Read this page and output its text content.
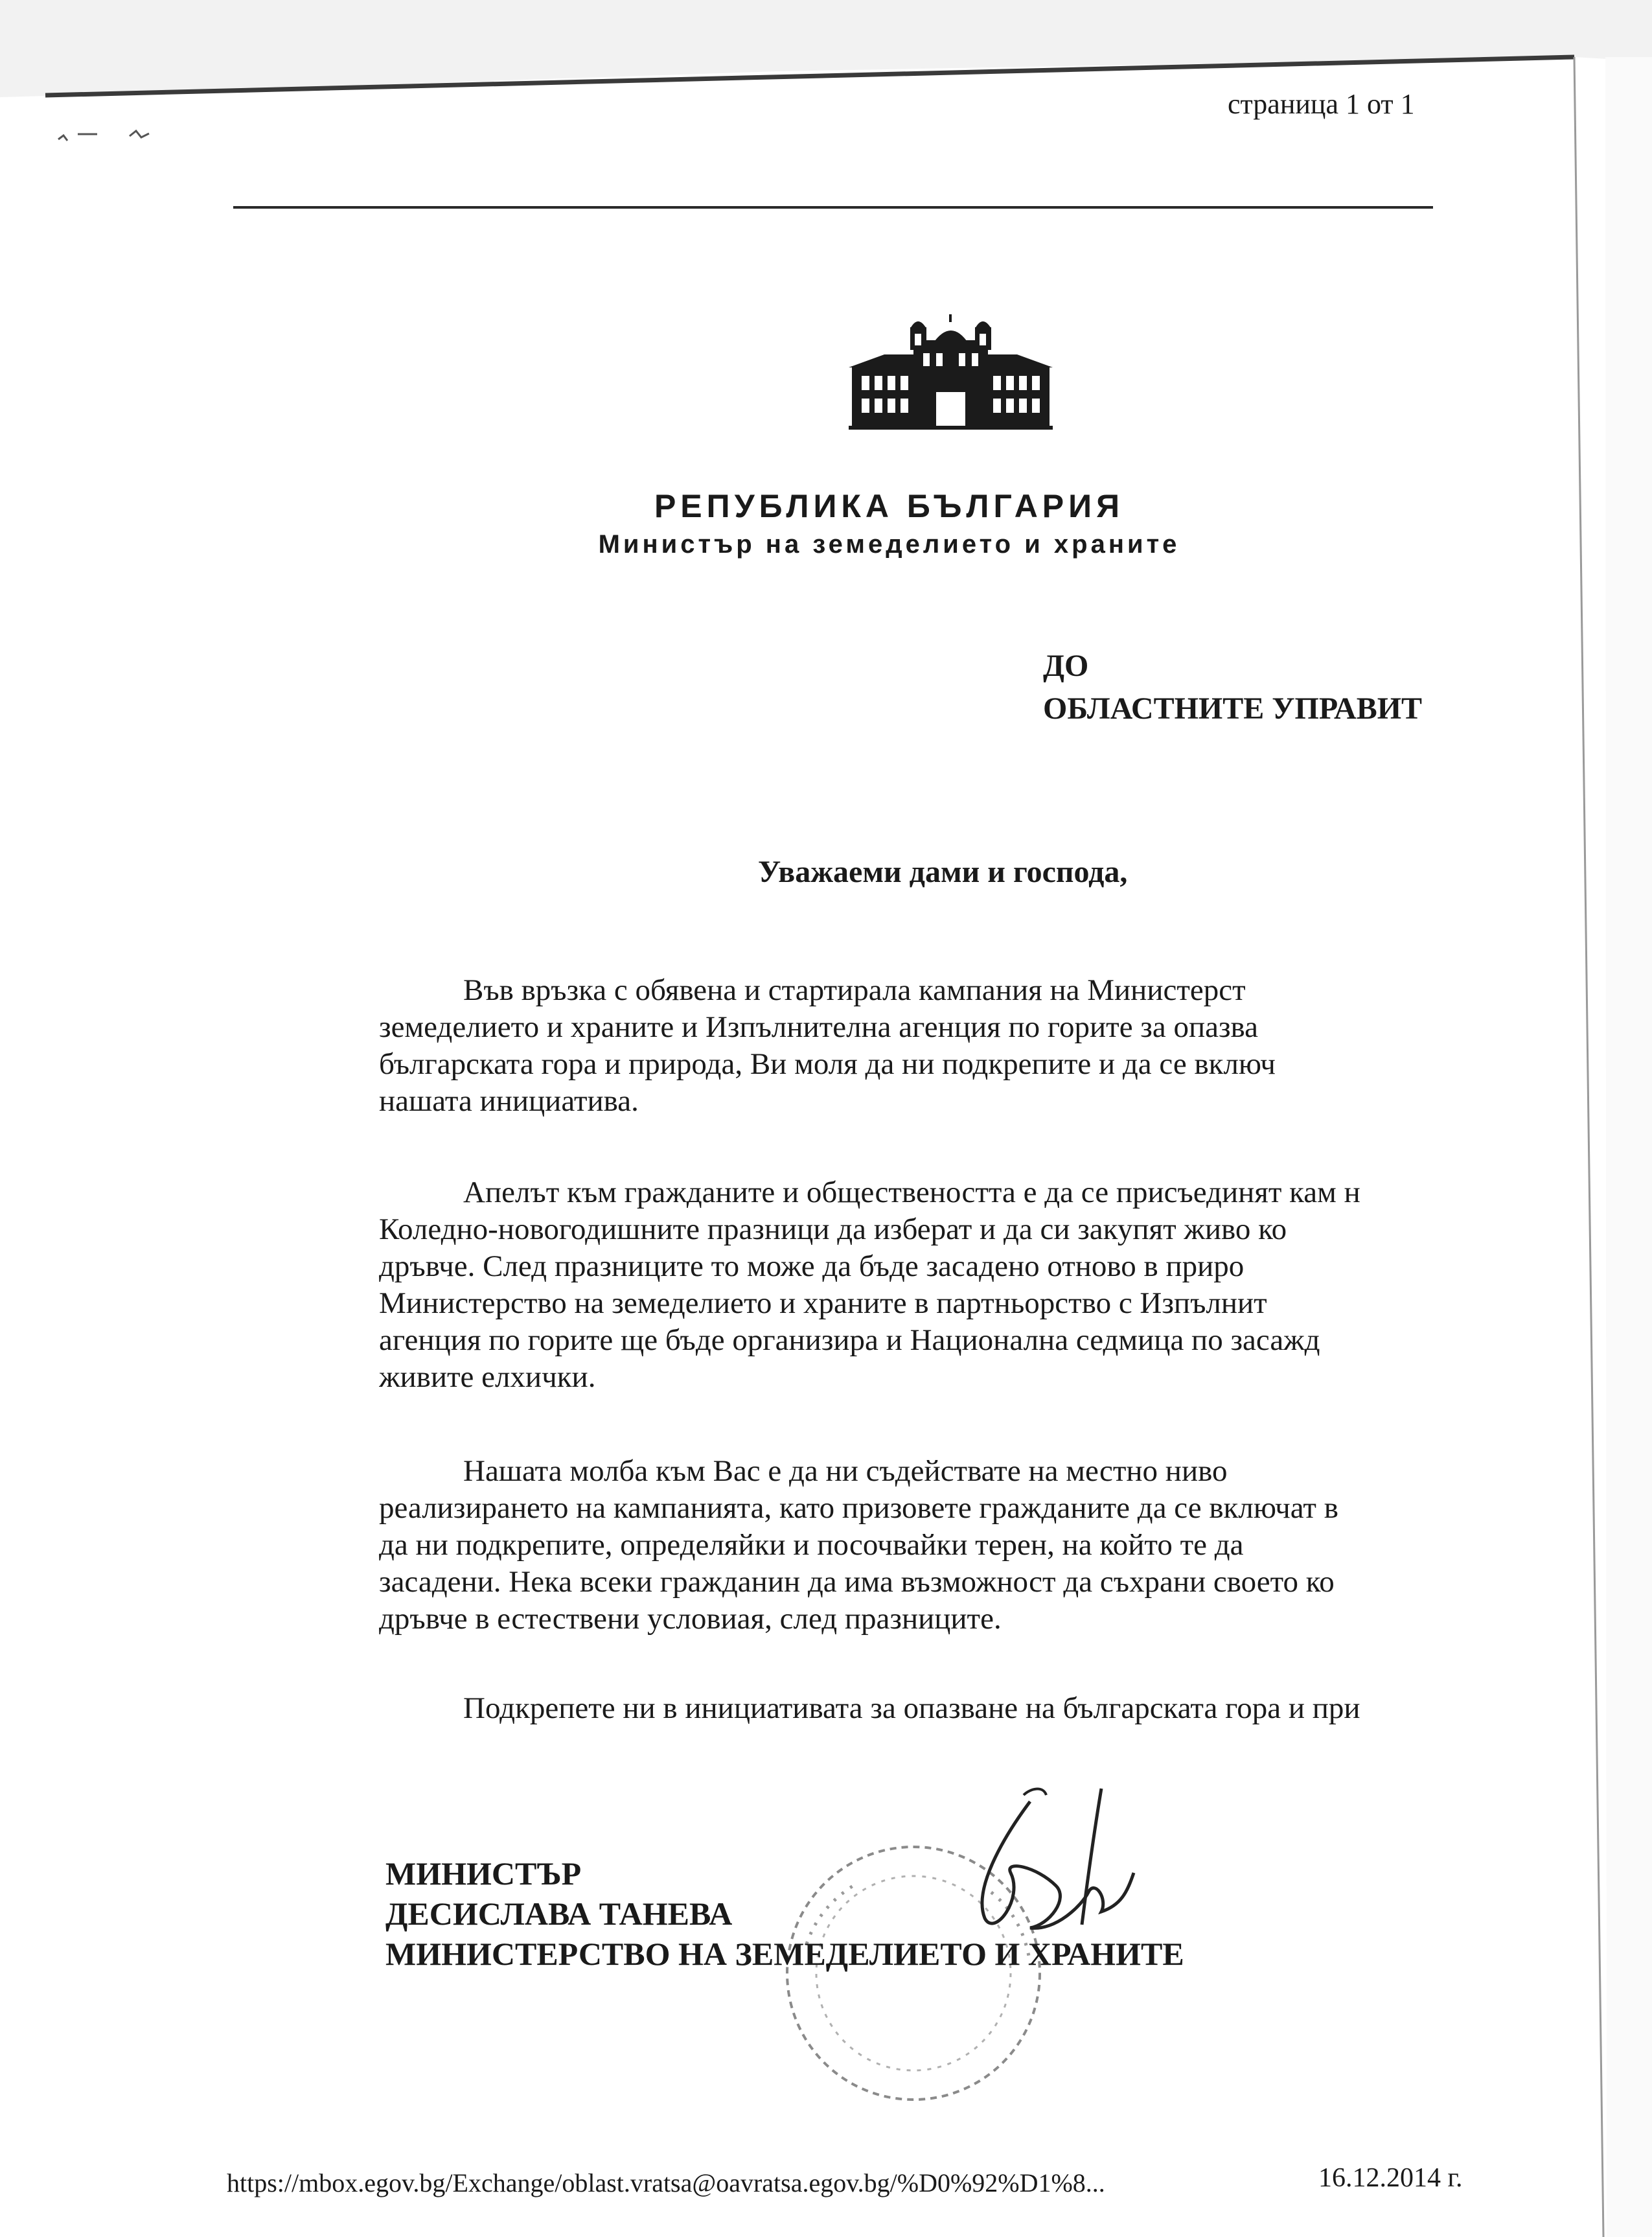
страница 1 от 1
РЕПУБЛИКА БЪЛГАРИЯ
Министър на земеделието и храните
ДО
ОБЛАСТНИТЕ УПРАВИТ
Уважаеми дами и господа,

Във връзка с обявена и стартирала кампания на Министерст
земеделието и храните и Изпълнителна агенция по горите за опазва
българската гора и природа, Ви моля да ни подкрепите и да се включ
нашата инициатива.

Апелът към гражданите и обществеността е да се присъединят кам н
Коледно-новогодишните празници да изберат и да си закупят живо ко
дръвче. След празниците то може да бъде засадено отново в приро
Министерство на земеделието и храните в партньорство с Изпълнит
агенция по горите ще бъде организира и Национална седмица по засажд
живите елхички.

Нашата молба към Вас е да ни съдействате на местно ниво
реализирането на кампанията, като призовете гражданите да се включат в
да ни подкрепите, определяйки и посочвайки терен, на който те да
засадени. Нека всеки гражданин да има възможност да съхрани своето ко
дръвче в естествени условиая, след празниците.

Подкрепете ни в инициативата за опазване на българската гора и при

МИНИСТЪР
ДЕСИСЛАВА ТАНЕВА
МИНИСТЕРСТВО НА ЗЕМЕДЕЛИЕТО И ХРАНИТЕ
https://mbox.egov.bg/Exchange/oblast.vratsa@oavratsa.egov.bg/%D0%92%D1%8...	16.12.2014 г.
